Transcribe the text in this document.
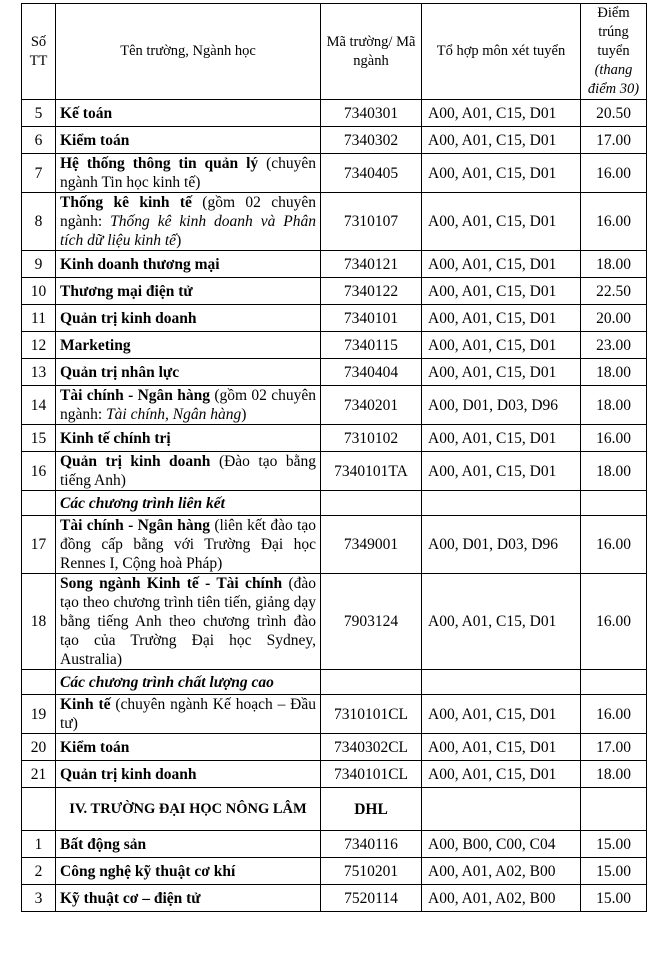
Số TT	Tên trường, Ngành học	Mã trường/ Mã ngành	Tổ hợp môn xét tuyển	Điểm trúng tuyển (thang điểm 30)
5	Kế toán	7340301	A00, A01, C15, D01	20.50
6	Kiểm toán	7340302	A00, A01, C15, D01	17.00
7	Hệ thống thông tin quản lý (chuyên ngành Tin học kinh tế)	7340405	A00, A01, C15, D01	16.00
8	Thống kê kinh tế (gồm 02 chuyên ngành: Thống kê kinh doanh và Phân tích dữ liệu kinh tế)	7310107	A00, A01, C15, D01	16.00
9	Kinh doanh thương mại	7340121	A00, A01, C15, D01	18.00
10	Thương mại điện tử	7340122	A00, A01, C15, D01	22.50
11	Quản trị kinh doanh	7340101	A00, A01, C15, D01	20.00
12	Marketing	7340115	A00, A01, C15, D01	23.00
13	Quản trị nhân lực	7340404	A00, A01, C15, D01	18.00
14	Tài chính - Ngân hàng (gồm 02 chuyên ngành: Tài chính, Ngân hàng)	7340201	A00, D01, D03, D96	18.00
15	Kinh tế chính trị	7310102	A00, A01, C15, D01	16.00
16	Quản trị kinh doanh (Đào tạo bằng tiếng Anh)	7340101TA	A00, A01, C15, D01	18.00
	Các chương trình liên kết			
17	Tài chính - Ngân hàng (liên kết đào tạo đồng cấp bằng với Trường Đại học Rennes I, Cộng hoà Pháp)	7349001	A00, D01, D03, D96	16.00
18	Song ngành Kinh tế - Tài chính (đào tạo theo chương trình tiên tiến, giảng dạy bằng tiếng Anh theo chương trình đào tạo của Trường Đại học Sydney, Australia)	7903124	A00, A01, C15, D01	16.00
	Các chương trình chất lượng cao			
19	Kinh tế (chuyên ngành Kế hoạch – Đầu tư)	7310101CL	A00, A01, C15, D01	16.00
20	Kiểm toán	7340302CL	A00, A01, C15, D01	17.00
21	Quản trị kinh doanh	7340101CL	A00, A01, C15, D01	18.00
	IV. TRƯỜNG ĐẠI HỌC NÔNG LÂM	DHL		
1	Bất động sản	7340116	A00, B00, C00, C04	15.00
2	Công nghệ kỹ thuật cơ khí	7510201	A00, A01, A02, B00	15.00
3	Kỹ thuật cơ – điện tử	7520114	A00, A01, A02, B00	15.00
